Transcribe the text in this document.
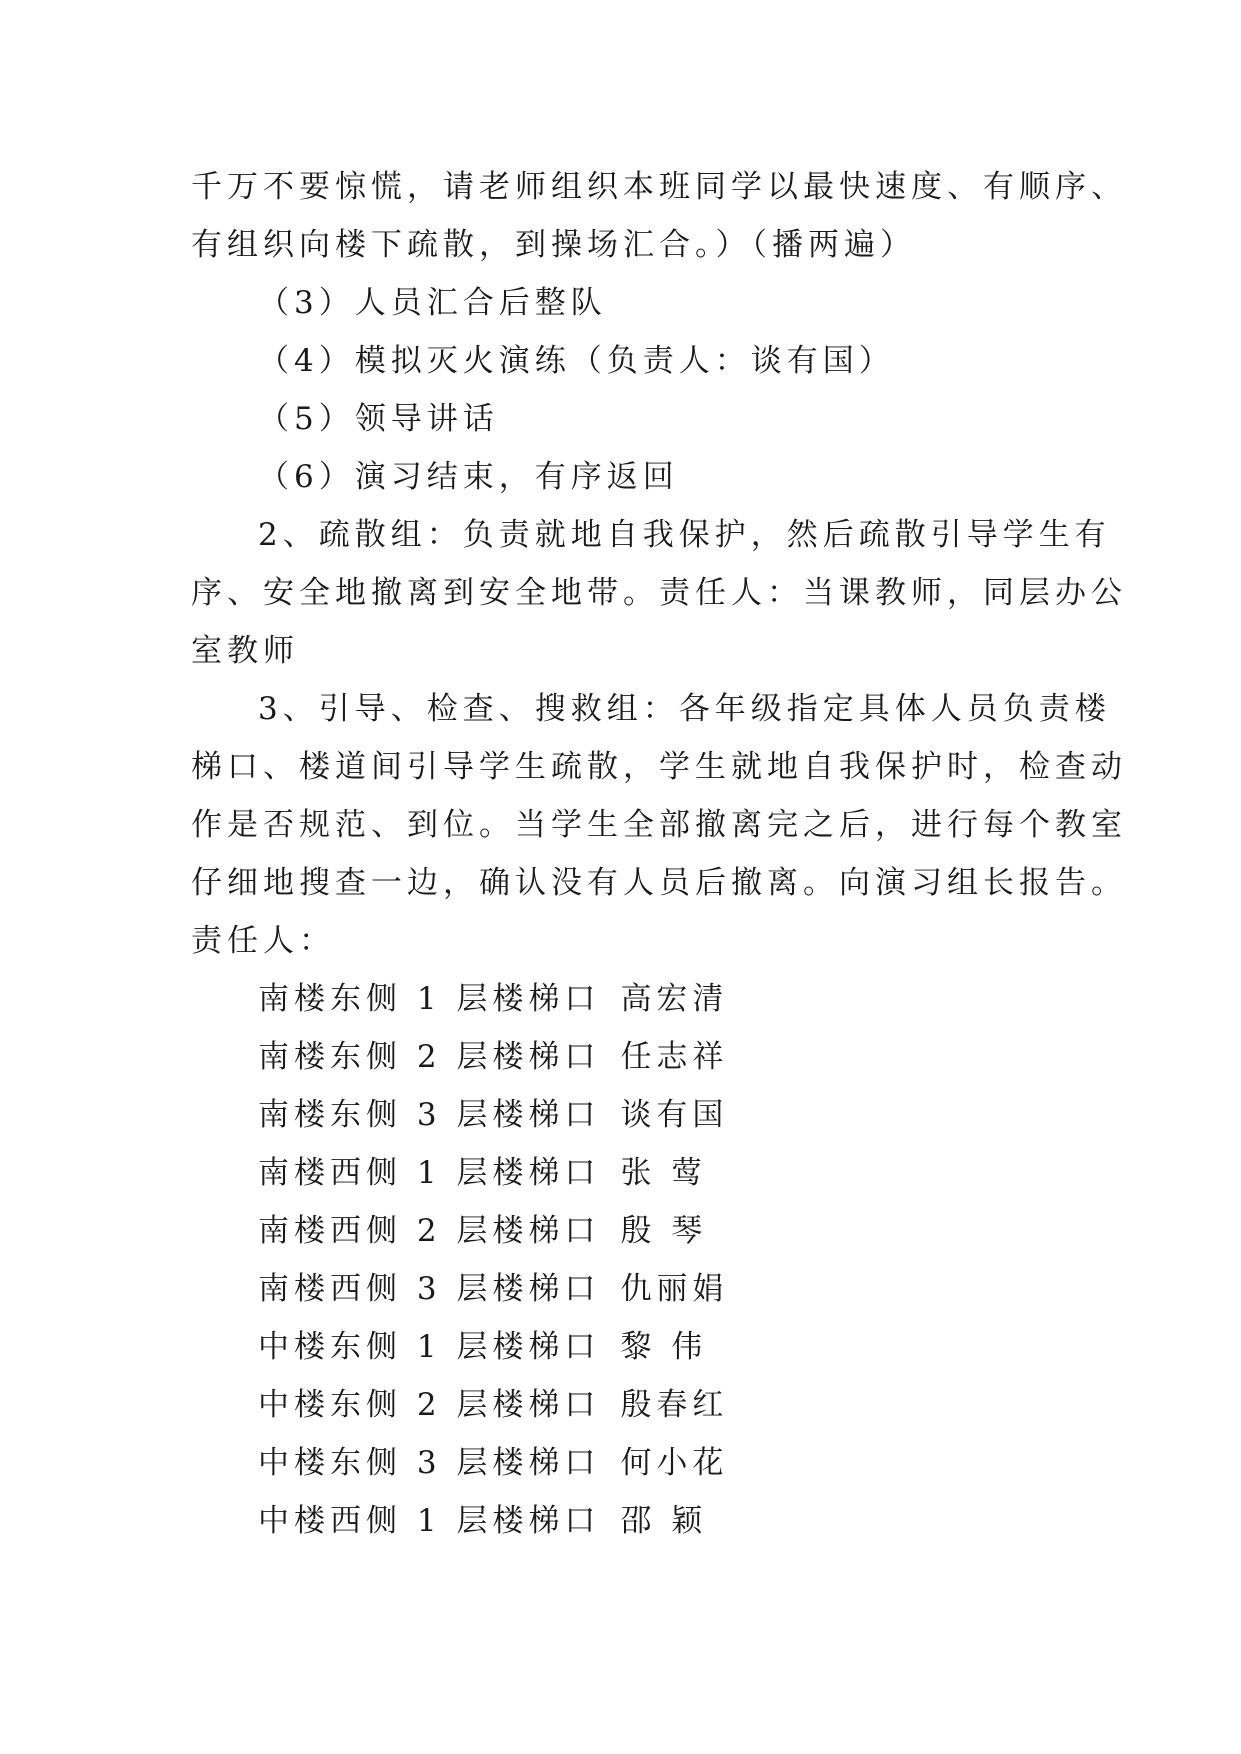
千万不要惊慌，请老师组织本班同学以最快速度、有顺序、
有组织向楼下疏散，到操场汇合。）（播两遍）
（3）人员汇合后整队
（4）模拟灭火演练（负责人：谈有国）
（5）领导讲话
（6）演习结束，有序返回
2、疏散组：负责就地自我保护，然后疏散引导学生有
序、安全地撤离到安全地带。责任人：当课教师，同层办公
室教师
3、引导、检查、搜救组：各年级指定具体人员负责楼
梯口、楼道间引导学生疏散，学生就地自我保护时，检查动
作是否规范、到位。当学生全部撤离完之后，进行每个教室
仔细地搜查一边，确认没有人员后撤离。向演习组长报告。
责任人：
南楼东侧 1 层楼梯口 高宏清
南楼东侧 2 层楼梯口 任志祥
南楼东侧 3 层楼梯口 谈有国
南楼西侧 1 层楼梯口 张 莺
南楼西侧 2 层楼梯口 殷 琴
南楼西侧 3 层楼梯口 仇丽娟
中楼东侧 1 层楼梯口 黎 伟
中楼东侧 2 层楼梯口 殷春红
中楼东侧 3 层楼梯口 何小花
中楼西侧 1 层楼梯口 邵 颖
